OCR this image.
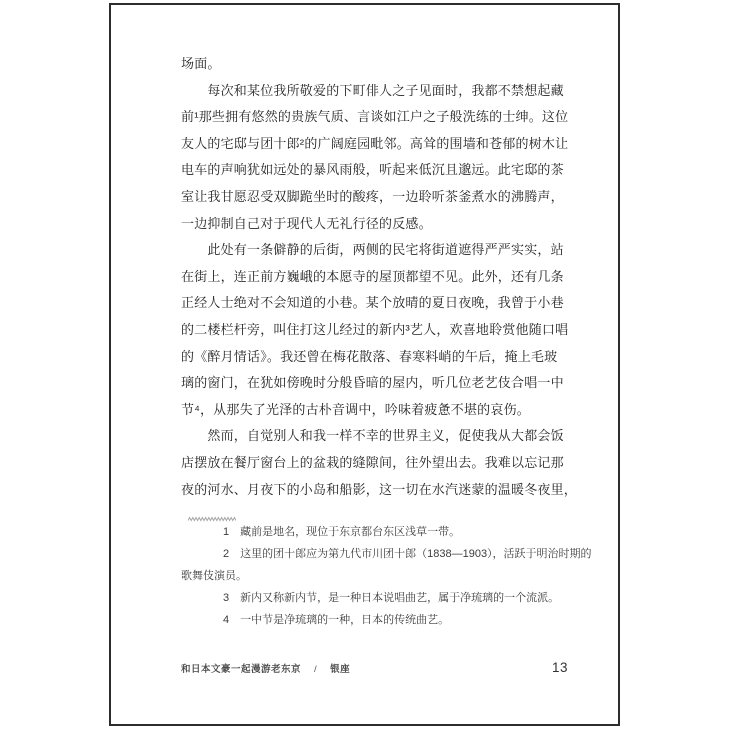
场面。
　　每次和某位我所敬爱的下町俳人之子见面时，我都不禁想起藏
前¹那些拥有悠然的贵族气质、言谈如江户之子般洗练的士绅。这位
友人的宅邸与团十郎²的广阔庭园毗邻。高耸的围墙和苍郁的树木让
电车的声响犹如远处的暴风雨般，听起来低沉且邈远。此宅邸的茶
室让我甘愿忍受双脚跪坐时的酸疼，一边聆听茶釜煮水的沸腾声，
一边抑制自己对于现代人无礼行径的反感。
　　此处有一条僻静的后街，两侧的民宅将街道遮得严严实实，站
在街上，连正前方巍峨的本愿寺的屋顶都望不见。此外，还有几条
正经人士绝对不会知道的小巷。某个放晴的夏日夜晚，我曾于小巷
的二楼栏杆旁，叫住打这儿经过的新内³艺人，欢喜地聆赏他随口唱
的《醉月情话》。我还曾在梅花散落、春寒料峭的午后，掩上毛玻
璃的窗门，在犹如傍晚时分般昏暗的屋内，听几位老艺伎合唱一中
节⁴，从那失了光泽的古朴音调中，吟味着疲惫不堪的哀伤。
　　然而，自觉别人和我一样不幸的世界主义，促使我从大都会饭
店摆放在餐厅窗台上的盆栽的缝隙间，往外望出去。我难以忘记那
夜的河水、月夜下的小岛和船影，这一切在水汽迷蒙的温暖冬夜里，
1　藏前是地名，现位于东京都台东区浅草一带。
2　这里的团十郎应为第九代市川团十郎（1838—1903），活跃于明治时期的
歌舞伎演员。
3　新内又称新内节，是一种日本说唱曲艺，属于净琉璃的一个流派。
4　一中节是净琉璃的一种，日本的传统曲艺。
和日本文豪一起漫游老东京 / 银座	13
